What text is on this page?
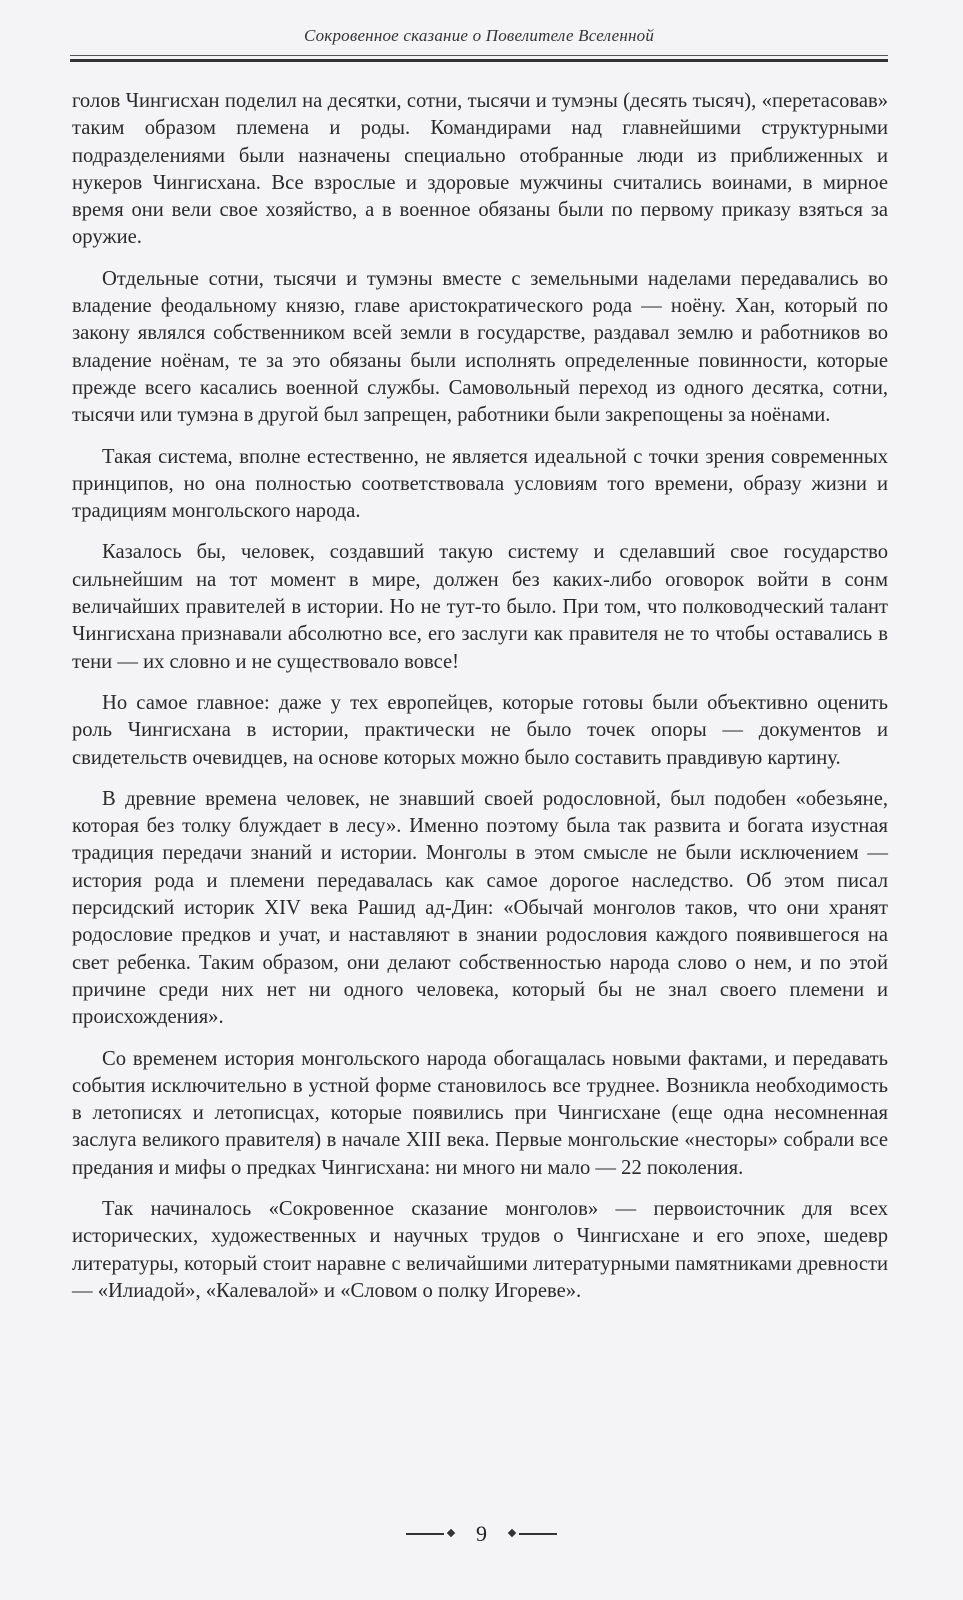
Сокровенное сказание о Повелителе Вселенной

голов Чингисхан поделил на десятки, сотни, тысячи и тумэны (десять тысяч), «перетасовав» таким образом племена и роды. Командирами над главнейшими структурными подразделениями были назначены специально отобранные люди из приближенных и нукеров Чингисхана. Все взрослые и здоровые мужчины считались воинами, в мирное время они вели свое хозяйство, а в военное обязаны были по первому приказу взяться за оружие.

Отдельные сотни, тысячи и тумэны вместе с земельными наделами передавались во владение феодальному князю, главе аристократического рода — ноёну. Хан, который по закону являлся собственником всей земли в государстве, раздавал землю и работников во владение ноёнам, те за это обязаны были исполнять определенные повинности, которые прежде всего касались военной службы. Самовольный переход из одного десятка, сотни, тысячи или тумэна в другой был запрещен, работники были закрепощены за ноёнами.

Такая система, вполне естественно, не является идеальной с точки зрения современных принципов, но она полностью соответствовала условиям того времени, образу жизни и традициям монгольского народа.

Казалось бы, человек, создавший такую систему и сделавший свое государство сильнейшим на тот момент в мире, должен без каких-либо оговорок войти в сонм величайших правителей в истории. Но не тут-то было. При том, что полководческий талант Чингисхана признавали абсолютно все, его заслуги как правителя не то чтобы оставались в тени — их словно и не существовало вовсе!

Но самое главное: даже у тех европейцев, которые готовы были объективно оценить роль Чингисхана в истории, практически не было точек опоры — документов и свидетельств очевидцев, на основе которых можно было составить правдивую картину.

В древние времена человек, не знавший своей родословной, был подобен «обезьяне, которая без толку блуждает в лесу». Именно поэтому была так развита и богата изустная традиция передачи знаний и истории. Монголы в этом смысле не были исключением — история рода и племени передавалась как самое дорогое наследство. Об этом писал персидский историк XIV века Рашид ад-Дин: «Обычай монголов таков, что они хранят родословие предков и учат, и наставляют в знании родословия каждого появившегося на свет ребенка. Таким образом, они делают собственностью народа слово о нем, и по этой причине среди них нет ни одного человека, который бы не знал своего племени и происхождения».

Со временем история монгольского народа обогащалась новыми фактами, и передавать события исключительно в устной форме становилось все труднее. Возникла необходимость в летописях и летописцах, которые появились при Чингисхане (еще одна несомненная заслуга великого правителя) в начале XIII века. Первые монгольские «несторы» собрали все предания и мифы о предках Чингисхана: ни много ни мало — 22 поколения.

Так начиналось «Сокровенное сказание монголов» — первоисточник для всех исторических, художественных и научных трудов о Чингисхане и его эпохе, шедевр литературы, который стоит наравне с величайшими литературными памятниками древности — «Илиадой», «Калевалой» и «Словом о полку Игореве».

9
